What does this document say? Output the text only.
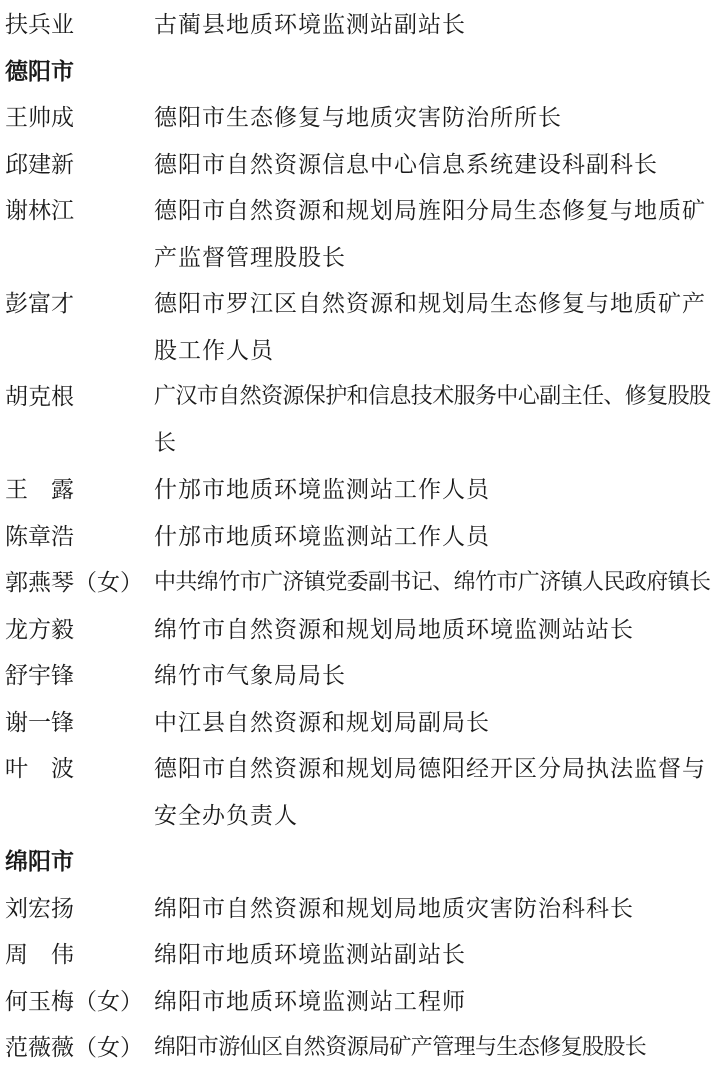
扶兵业	古蔺县地质环境监测站副站长
德阳市
王帅成	德阳市生态修复与地质灾害防治所所长
邱建新	德阳市自然资源信息中心信息系统建设科副科长
谢林江	德阳市自然资源和规划局旌阳分局生态修复与地质矿产监督管理股股长
彭富才	德阳市罗江区自然资源和规划局生态修复与地质矿产股工作人员
胡克根	广汉市自然资源保护和信息技术服务中心副主任、修复股股长
王　露	什邡市地质环境监测站工作人员
陈章浩	什邡市地质环境监测站工作人员
郭燕琴（女） 中共绵竹市广济镇党委副书记、绵竹市广济镇人民政府镇长
龙方毅	绵竹市自然资源和规划局地质环境监测站站长
舒宇锋	绵竹市气象局局长
谢一锋	中江县自然资源和规划局副局长
叶　波	德阳市自然资源和规划局德阳经开区分局执法监督与安全办负责人
绵阳市
刘宏扬	绵阳市自然资源和规划局地质灾害防治科科长
周　伟	绵阳市地质环境监测站副站长
何玉梅（女） 绵阳市地质环境监测站工程师
范薇薇（女） 绵阳市游仙区自然资源局矿产管理与生态修复股股长
